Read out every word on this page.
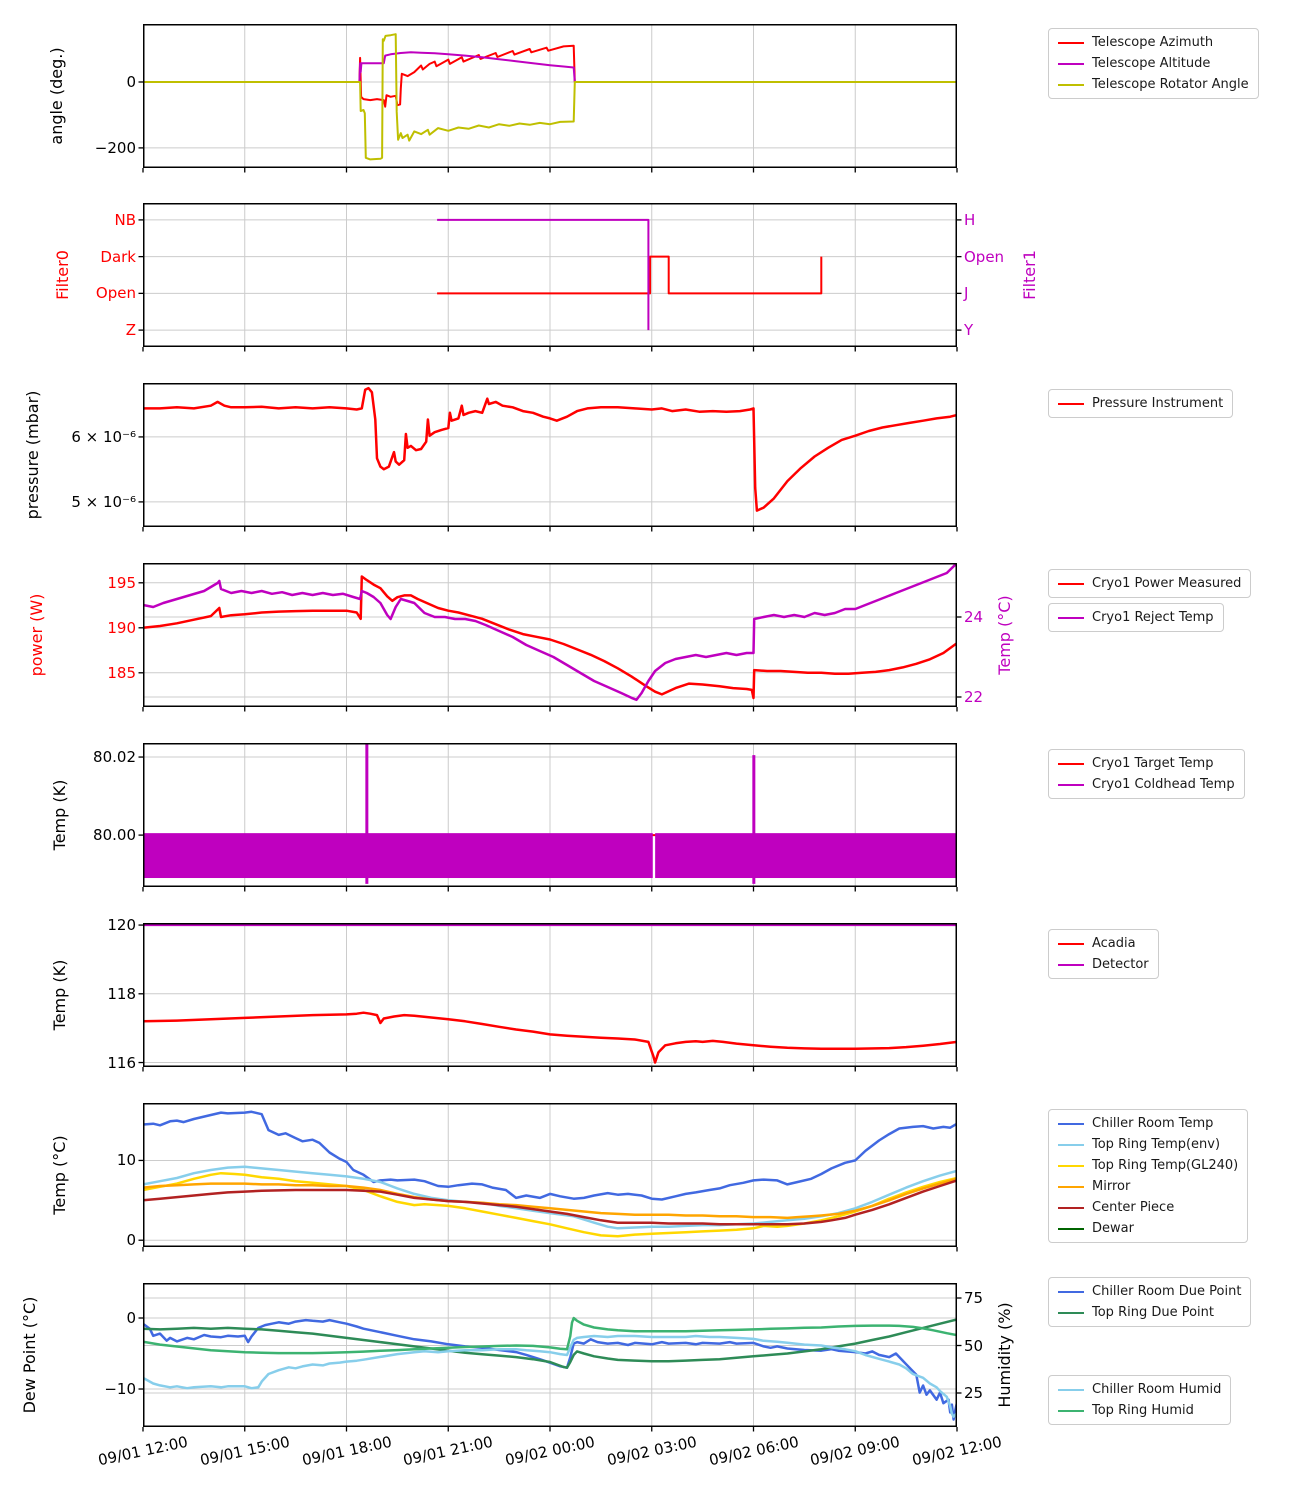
0
−200
angle (deg.)
Telescope Azimuth
Telescope Altitude
Telescope Rotator Angle
NB
Dark
Open
Z
H
Open
J
Y
Filter0	Filter1
6 × 10⁻⁶
5 × 10⁻⁶
pressure (mbar)	Pressure Instrument
195
190
185
24
22
power (W)	Temp (°C)
Cryo1 Power Measured
Cryo1 Reject Temp
80.02
80.00
Temp (K)
Cryo1 Target Temp
Cryo1 Coldhead Temp
120
118
116
Temp (K)
Acadia
Detector
10
0
Temp (°C)
Chiller Room Temp
Top Ring Temp(env)
Top Ring Temp(GL240)
Mirror
Center Piece
Dewar
0
−10
75
50
25
Dew Point (°C)	Humidity (%)
Chiller Room Due Point
Top Ring Due Point
Chiller Room Humid
Top Ring Humid
09/01 12:00 09/01 15:00 09/01 18:00 09/01 21:00 09/02 00:00 09/02 03:00 09/02 06:00 09/02 09:00 09/02 12:00
